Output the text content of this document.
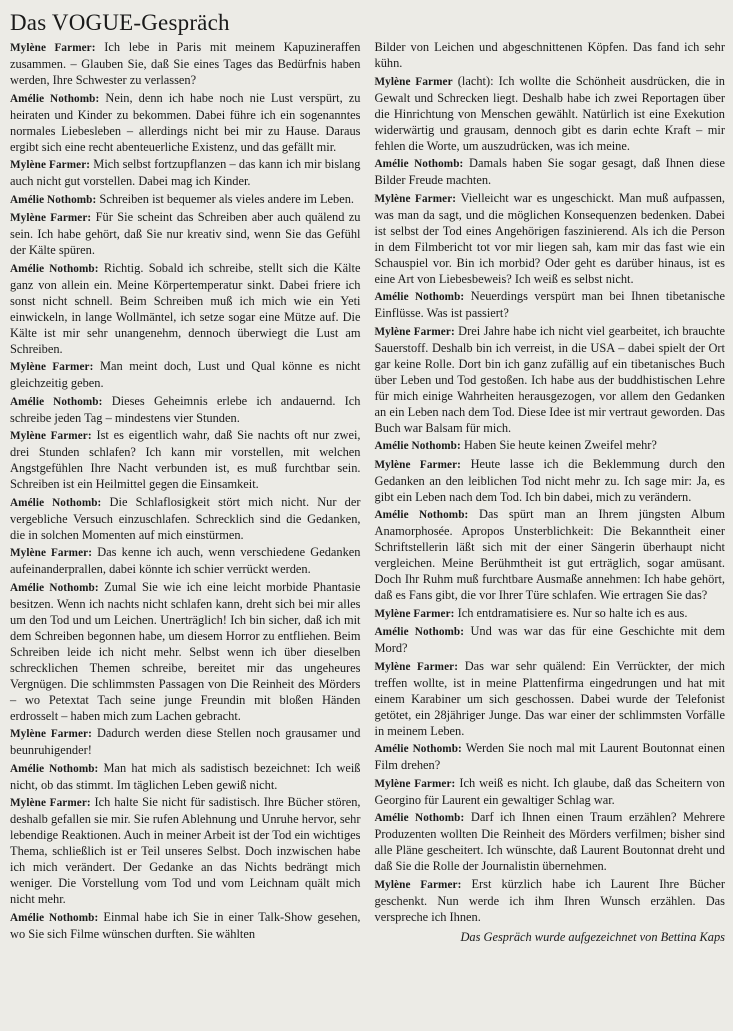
Das VOGUE-Gespräch

Mylène Farmer: Ich lebe in Paris mit meinem Kapuzineraffen zusammen. – Glauben Sie, daß Sie eines Tages das Bedürfnis haben werden, Ihre Schwester zu verlassen?

Amélie Nothomb: Nein, denn ich habe noch nie Lust verspürt, zu heiraten und Kinder zu bekommen. Dabei führe ich ein sogenanntes normales Liebesleben – allerdings nicht bei mir zu Hause. Daraus ergibt sich eine recht abenteuerliche Existenz, und das gefällt mir.

Mylène Farmer: Mich selbst fortzupflanzen – das kann ich mir bislang auch nicht gut vorstellen. Dabei mag ich Kinder.

Amélie Nothomb: Schreiben ist bequemer als vieles andere im Leben.

Mylène Farmer: Für Sie scheint das Schreiben aber auch quälend zu sein. Ich habe gehört, daß Sie nur kreativ sind, wenn Sie das Gefühl der Kälte spüren.

Amélie Nothomb: Richtig. Sobald ich schreibe, stellt sich die Kälte ganz von allein ein. Meine Körpertemperatur sinkt. Dabei friere ich sonst nicht schnell. Beim Schreiben muß ich mich wie ein Yeti einwickeln, in lange Wollmäntel, ich setze sogar eine Mütze auf. Die Kälte ist mir sehr unangenehm, dennoch überwiegt die Lust am Schreiben.

Mylène Farmer: Man meint doch, Lust und Qual könne es nicht gleichzeitig geben.

Amélie Nothomb: Dieses Geheimnis erlebe ich andauernd. Ich schreibe jeden Tag – mindestens vier Stunden.

Mylène Farmer: Ist es eigentlich wahr, daß Sie nachts oft nur zwei, drei Stunden schlafen? Ich kann mir vorstellen, mit welchen Angstgefühlen Ihre Nacht verbunden ist, es muß furchtbar sein. Schreiben ist ein Heilmittel gegen die Einsamkeit.

Amélie Nothomb: Die Schlaflosigkeit stört mich nicht. Nur der vergebliche Versuch einzuschlafen. Schrecklich sind die Gedanken, die in solchen Momenten auf mich einstürmen.

Mylène Farmer: Das kenne ich auch, wenn verschiedene Gedanken aufeinanderprallen, dabei könnte ich schier verrückt werden.

Amélie Nothomb: Zumal Sie wie ich eine leicht morbide Phantasie besitzen. Wenn ich nachts nicht schlafen kann, dreht sich bei mir alles um den Tod und um Leichen. Unerträglich! Ich bin sicher, daß ich mit dem Schreiben begonnen habe, um diesem Horror zu entfliehen. Beim Schreiben leide ich nicht mehr. Selbst wenn ich über dieselben schrecklichen Themen schreibe, bereitet mir das ungeheures Vergnügen. Die schlimmsten Passagen von Die Reinheit des Mörders – wo Petextat Tach seine junge Freundin mit bloßen Händen erdrosselt – haben mich zum Lachen gebracht.

Mylène Farmer: Dadurch werden diese Stellen noch grausamer und beunruhigender!

Amélie Nothomb: Man hat mich als sadistisch bezeichnet: Ich weiß nicht, ob das stimmt. Im täglichen Leben gewiß nicht.

Mylène Farmer: Ich halte Sie nicht für sadistisch. Ihre Bücher stören, deshalb gefallen sie mir. Sie rufen Ablehnung und Unruhe hervor, sehr lebendige Reaktionen. Auch in meiner Arbeit ist der Tod ein wichtiges Thema, schließlich ist er Teil unseres Selbst. Doch inzwischen habe ich mich verändert. Der Gedanke an das Nichts bedrängt mich weniger. Die Vorstellung vom Tod und vom Leichnam quält mich nicht mehr.

Amélie Nothomb: Einmal habe ich Sie in einer Talk-Show gesehen, wo Sie sich Filme wünschen durften. Sie wählten

Bilder von Leichen und abgeschnittenen Köpfen. Das fand ich sehr kühn.

Mylène Farmer (lacht): Ich wollte die Schönheit ausdrücken, die in Gewalt und Schrecken liegt. Deshalb habe ich zwei Reportagen über die Hinrichtung von Menschen gewählt. Natürlich ist eine Exekution widerwärtig und grausam, dennoch gibt es darin echte Kraft – mir fehlen die Worte, um auszudrücken, was ich meine.

Amélie Nothomb: Damals haben Sie sogar gesagt, daß Ihnen diese Bilder Freude machten.

Mylène Farmer: Vielleicht war es ungeschickt. Man muß aufpassen, was man da sagt, und die möglichen Konsequenzen bedenken. Dabei ist selbst der Tod eines Angehörigen faszinierend. Als ich die Person in dem Filmbericht tot vor mir liegen sah, kam mir das fast wie ein Schauspiel vor. Bin ich morbid? Oder geht es darüber hinaus, ist es eine Art von Liebesbeweis? Ich weiß es selbst nicht.

Amélie Nothomb: Neuerdings verspürt man bei Ihnen tibetanische Einflüsse. Was ist passiert?

Mylène Farmer: Drei Jahre habe ich nicht viel gearbeitet, ich brauchte Sauerstoff. Deshalb bin ich verreist, in die USA – dabei spielt der Ort gar keine Rolle. Dort bin ich ganz zufällig auf ein tibetanisches Buch über Leben und Tod gestoßen. Ich habe aus der buddhistischen Lehre für mich einige Wahrheiten herausgezogen, vor allem den Gedanken an ein Leben nach dem Tod. Diese Idee ist mir vertraut geworden. Das Buch war Balsam für mich.

Amélie Nothomb: Haben Sie heute keinen Zweifel mehr?

Mylène Farmer: Heute lasse ich die Beklemmung durch den Gedanken an den leiblichen Tod nicht mehr zu. Ich sage mir: Ja, es gibt ein Leben nach dem Tod. Ich bin dabei, mich zu verändern.

Amélie Nothomb: Das spürt man an Ihrem jüngsten Album Anamorphosée. Apropos Unsterblichkeit: Die Bekanntheit einer Schriftstellerin läßt sich mit der einer Sängerin überhaupt nicht vergleichen. Meine Berühmtheit ist gut erträglich, sogar amüsant. Doch Ihr Ruhm muß furchtbare Ausmaße annehmen: Ich habe gehört, daß es Fans gibt, die vor Ihrer Türe schlafen. Wie ertragen Sie das?

Mylène Farmer: Ich entdramatisiere es. Nur so halte ich es aus.

Amélie Nothomb: Und was war das für eine Geschichte mit dem Mord?

Mylène Farmer: Das war sehr quälend: Ein Verrückter, der mich treffen wollte, ist in meine Plattenfirma eingedrungen und hat mit einem Karabiner um sich geschossen. Dabei wurde der Telefonist getötet, ein 28jähriger Junge. Das war einer der schlimmsten Vorfälle in meinem Leben.

Amélie Nothomb: Werden Sie noch mal mit Laurent Boutonnat einen Film drehen?

Mylène Farmer: Ich weiß es nicht. Ich glaube, daß das Scheitern von Georgino für Laurent ein gewaltiger Schlag war.

Amélie Nothomb: Darf ich Ihnen einen Traum erzählen? Mehrere Produzenten wollten Die Reinheit des Mörders verfilmen; bisher sind alle Pläne gescheitert. Ich wünschte, daß Laurent Boutonnat dreht und daß Sie die Rolle der Journalistin übernehmen.

Mylène Farmer: Erst kürzlich habe ich Laurent Ihre Bücher geschenkt. Nun werde ich ihm Ihren Wunsch erzählen. Das verspreche ich Ihnen.

Das Gespräch wurde aufgezeichnet von Bettina Kaps
